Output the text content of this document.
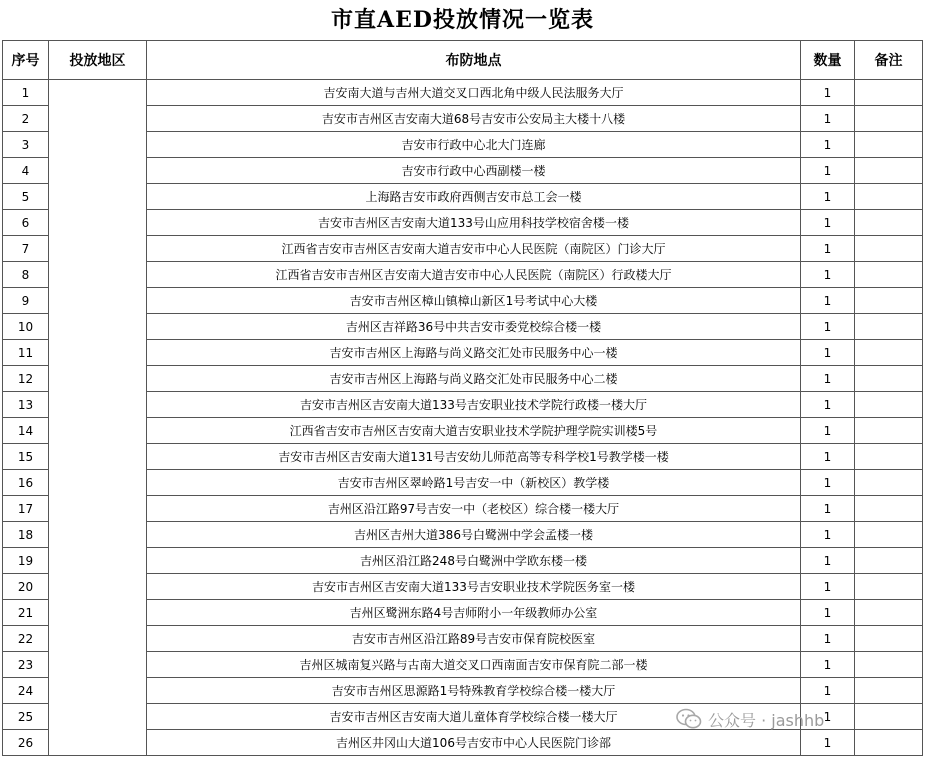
市直AED投放情况一览表
序号	投放地区	布防地点	数量	备注
1		吉安南大道与吉州大道交叉口西北角中级人民法服务大厅	1	
2		吉安市吉州区吉安南大道68号吉安市公安局主大楼十八楼	1	
3		吉安市行政中心北大门连廊	1	
4		吉安市行政中心西副楼一楼	1	
5		上海路吉安市政府西侧吉安市总工会一楼	1	
6		吉安市吉州区吉安南大道133号山应用科技学校宿舍楼一楼	1	
7		江西省吉安市吉州区吉安南大道吉安市中心人民医院（南院区）门诊大厅	1	
8		江西省吉安市吉州区吉安南大道吉安市中心人民医院（南院区）行政楼大厅	1	
9		吉安市吉州区樟山镇樟山新区1号考试中心大楼	1	
10		吉州区吉祥路36号中共吉安市委党校综合楼一楼	1	
11		吉安市吉州区上海路与尚义路交汇处市民服务中心一楼	1	
12		吉安市吉州区上海路与尚义路交汇处市民服务中心二楼	1	
13		吉安市吉州区吉安南大道133号吉安职业技术学院行政楼一楼大厅	1	
14		江西省吉安市吉州区吉安南大道吉安职业技术学院护理学院实训楼5号	1	
15		吉安市吉州区吉安南大道131号吉安幼儿师范高等专科学校1号教学楼一楼	1	
16		吉安市吉州区翠岭路1号吉安一中（新校区）教学楼	1	
17		吉州区沿江路97号吉安一中（老校区）综合楼一楼大厅	1	
18		吉州区吉州大道386号白鹭洲中学会孟楼一楼	1	
19		吉州区沿江路248号白鹭洲中学欧东楼一楼	1	
20		吉安市吉州区吉安南大道133号吉安职业技术学院医务室一楼	1	
21		吉州区鹭洲东路4号吉师附小一年级教师办公室	1	
22		吉安市吉州区沿江路89号吉安市保育院校医室	1	
23		吉州区城南复兴路与古南大道交叉口西南面吉安市保育院二部一楼	1	
24		吉安市吉州区思源路1号特殊教育学校综合楼一楼大厅	1	
25		吉安市吉州区吉安南大道儿童体育学校综合楼一楼大厅	1	
26		吉州区井冈山大道106号吉安市中心人民医院门诊部	1	
公众号 · jashhb
